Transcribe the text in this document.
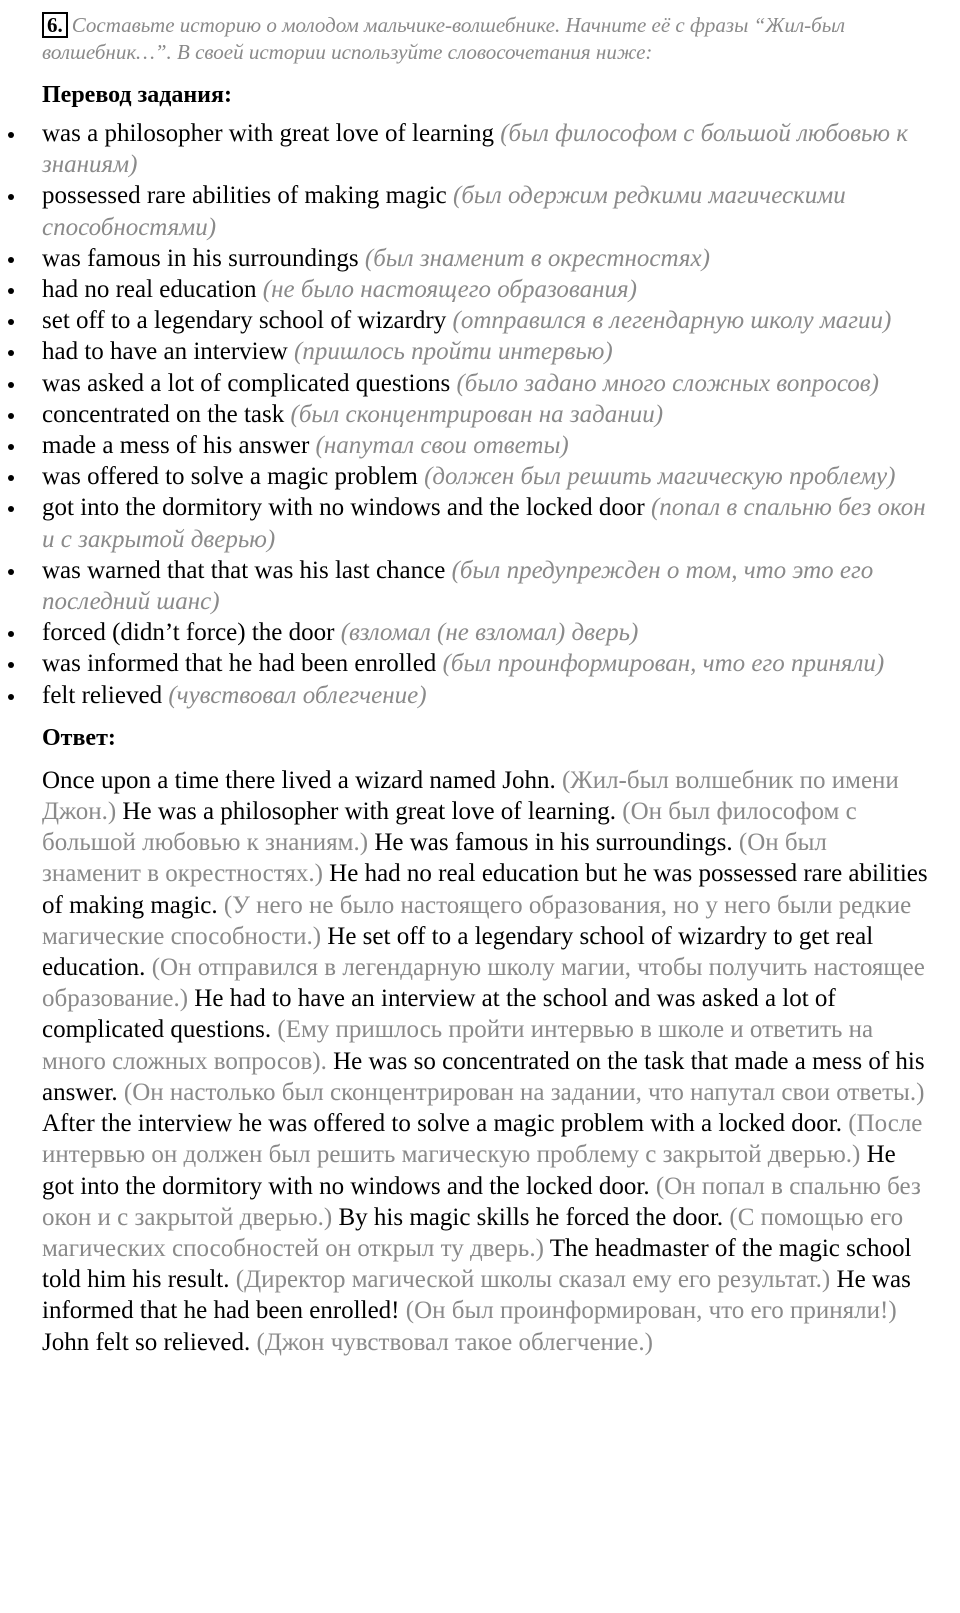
6. Составьте историю о молодом мальчике-волшебнике. Начните её с фразы “Жил-был волшебник…”. В своей истории используйте словосочетания ниже:

Перевод задания:
was a philosopher with great love of learning (был философом с большой любовью к знаниям)
possessed rare abilities of making magic (был одержим редкими магическими способностями)
was famous in his surroundings (был знаменит в окрестностях)
had no real education (не было настоящего образования)
set off to a legendary school of wizardry (отправился в легендарную школу магии)
had to have an interview (пришлось пройти интервью)
was asked a lot of complicated questions (было задано много сложных вопросов)
concentrated on the task (был сконцентрирован на задании)
made a mess of his answer (напутал свои ответы)
was offered to solve a magic problem (должен был решить магическую проблему)
got into the dormitory with no windows and the locked door (попал в спальню без окон и с закрытой дверью)
was warned that that was his last chance (был предупрежден о том, что это его последний шанс)
forced (didn’t force) the door (взломал (не взломал) дверь)
was informed that he had been enrolled (был проинформирован, что его приняли)
felt relieved (чувствовал облегчение)
Ответ:

Once upon a time there lived a wizard named John. (Жил-был волшебник по имени Джон.) He was a philosopher with great love of learning. (Он был философом с большой любовью к знаниям.) He was famous in his surroundings. (Он был знаменит в окрестностях.) He had no real education but he was possessed rare abilities of making magic. (У него не было настоящего образования, но у него были редкие магические способности.) He set off to a legendary school of wizardry to get real education. (Он отправился в легендарную школу магии, чтобы получить настоящее образование.) He had to have an interview at the school and was asked a lot of complicated questions. (Ему пришлось пройти интервью в школе и ответить на много сложных вопросов). He was so concentrated on the task that made a mess of his answer. (Он настолько был сконцентрирован на задании, что напутал свои ответы.) After the interview he was offered to solve a magic problem with a locked door. (После интервью он должен был решить магическую проблему с закрытой дверью.) He got into the dormitory with no windows and the locked door. (Он попал в спальню без окон и с закрытой дверью.) By his magic skills he forced the door. (С помощью его магических способностей он открыл ту дверь.) The headmaster of the magic school told him his result. (Директор магической школы сказал ему его результат.) He was informed that he had been enrolled! (Он был проинформирован, что его приняли!) John felt so relieved. (Джон чувствовал такое облегчение.)
